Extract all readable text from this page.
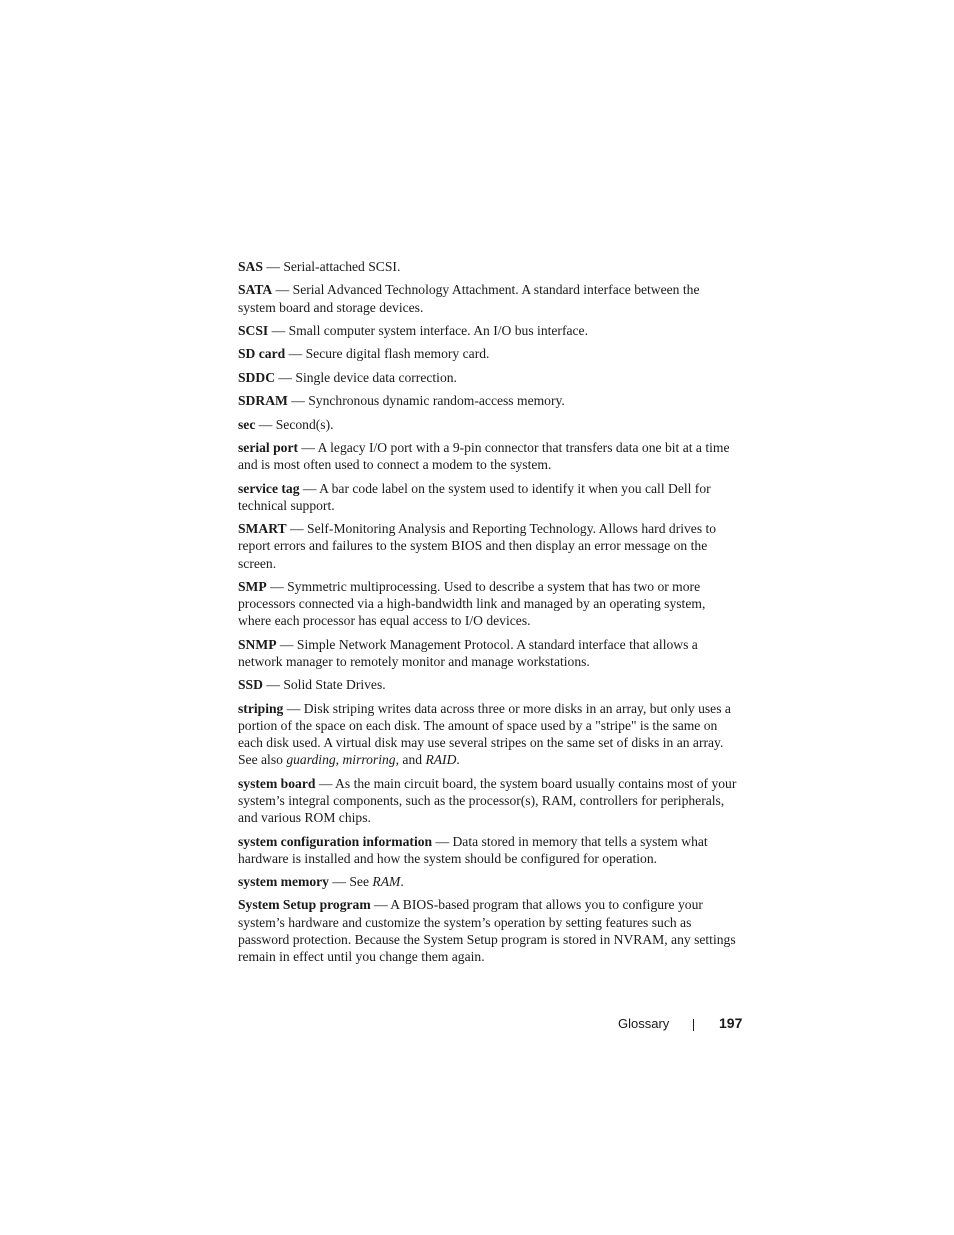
SAS — Serial-attached SCSI.

SATA — Serial Advanced Technology Attachment. A standard interface between the system board and storage devices.

SCSI — Small computer system interface. An I/O bus interface.

SD card — Secure digital flash memory card.

SDDC — Single device data correction.

SDRAM — Synchronous dynamic random-access memory.

sec — Second(s).

serial port — A legacy I/O port with a 9-pin connector that transfers data one bit at a time and is most often used to connect a modem to the system.

service tag — A bar code label on the system used to identify it when you call Dell for technical support.

SMART — Self-Monitoring Analysis and Reporting Technology. Allows hard drives to report errors and failures to the system BIOS and then display an error message on the screen.

SMP — Symmetric multiprocessing. Used to describe a system that has two or more processors connected via a high-bandwidth link and managed by an operating system, where each processor has equal access to I/O devices.

SNMP — Simple Network Management Protocol. A standard interface that allows a network manager to remotely monitor and manage workstations.

SSD — Solid State Drives.

striping — Disk striping writes data across three or more disks in an array, but only uses a portion of the space on each disk. The amount of space used by a "stripe" is the same on each disk used. A virtual disk may use several stripes on the same set of disks in an array. See also guarding, mirroring, and RAID.

system board — As the main circuit board, the system board usually contains most of your system’s integral components, such as the processor(s), RAM, controllers for peripherals, and various ROM chips.

system configuration information — Data stored in memory that tells a system what hardware is installed and how the system should be configured for operation.

system memory — See RAM.

System Setup program — A BIOS-based program that allows you to configure your system’s hardware and customize the system’s operation by setting features such as password protection. Because the System Setup program is stored in NVRAM, any settings remain in effect until you change them again.

Glossary	197
